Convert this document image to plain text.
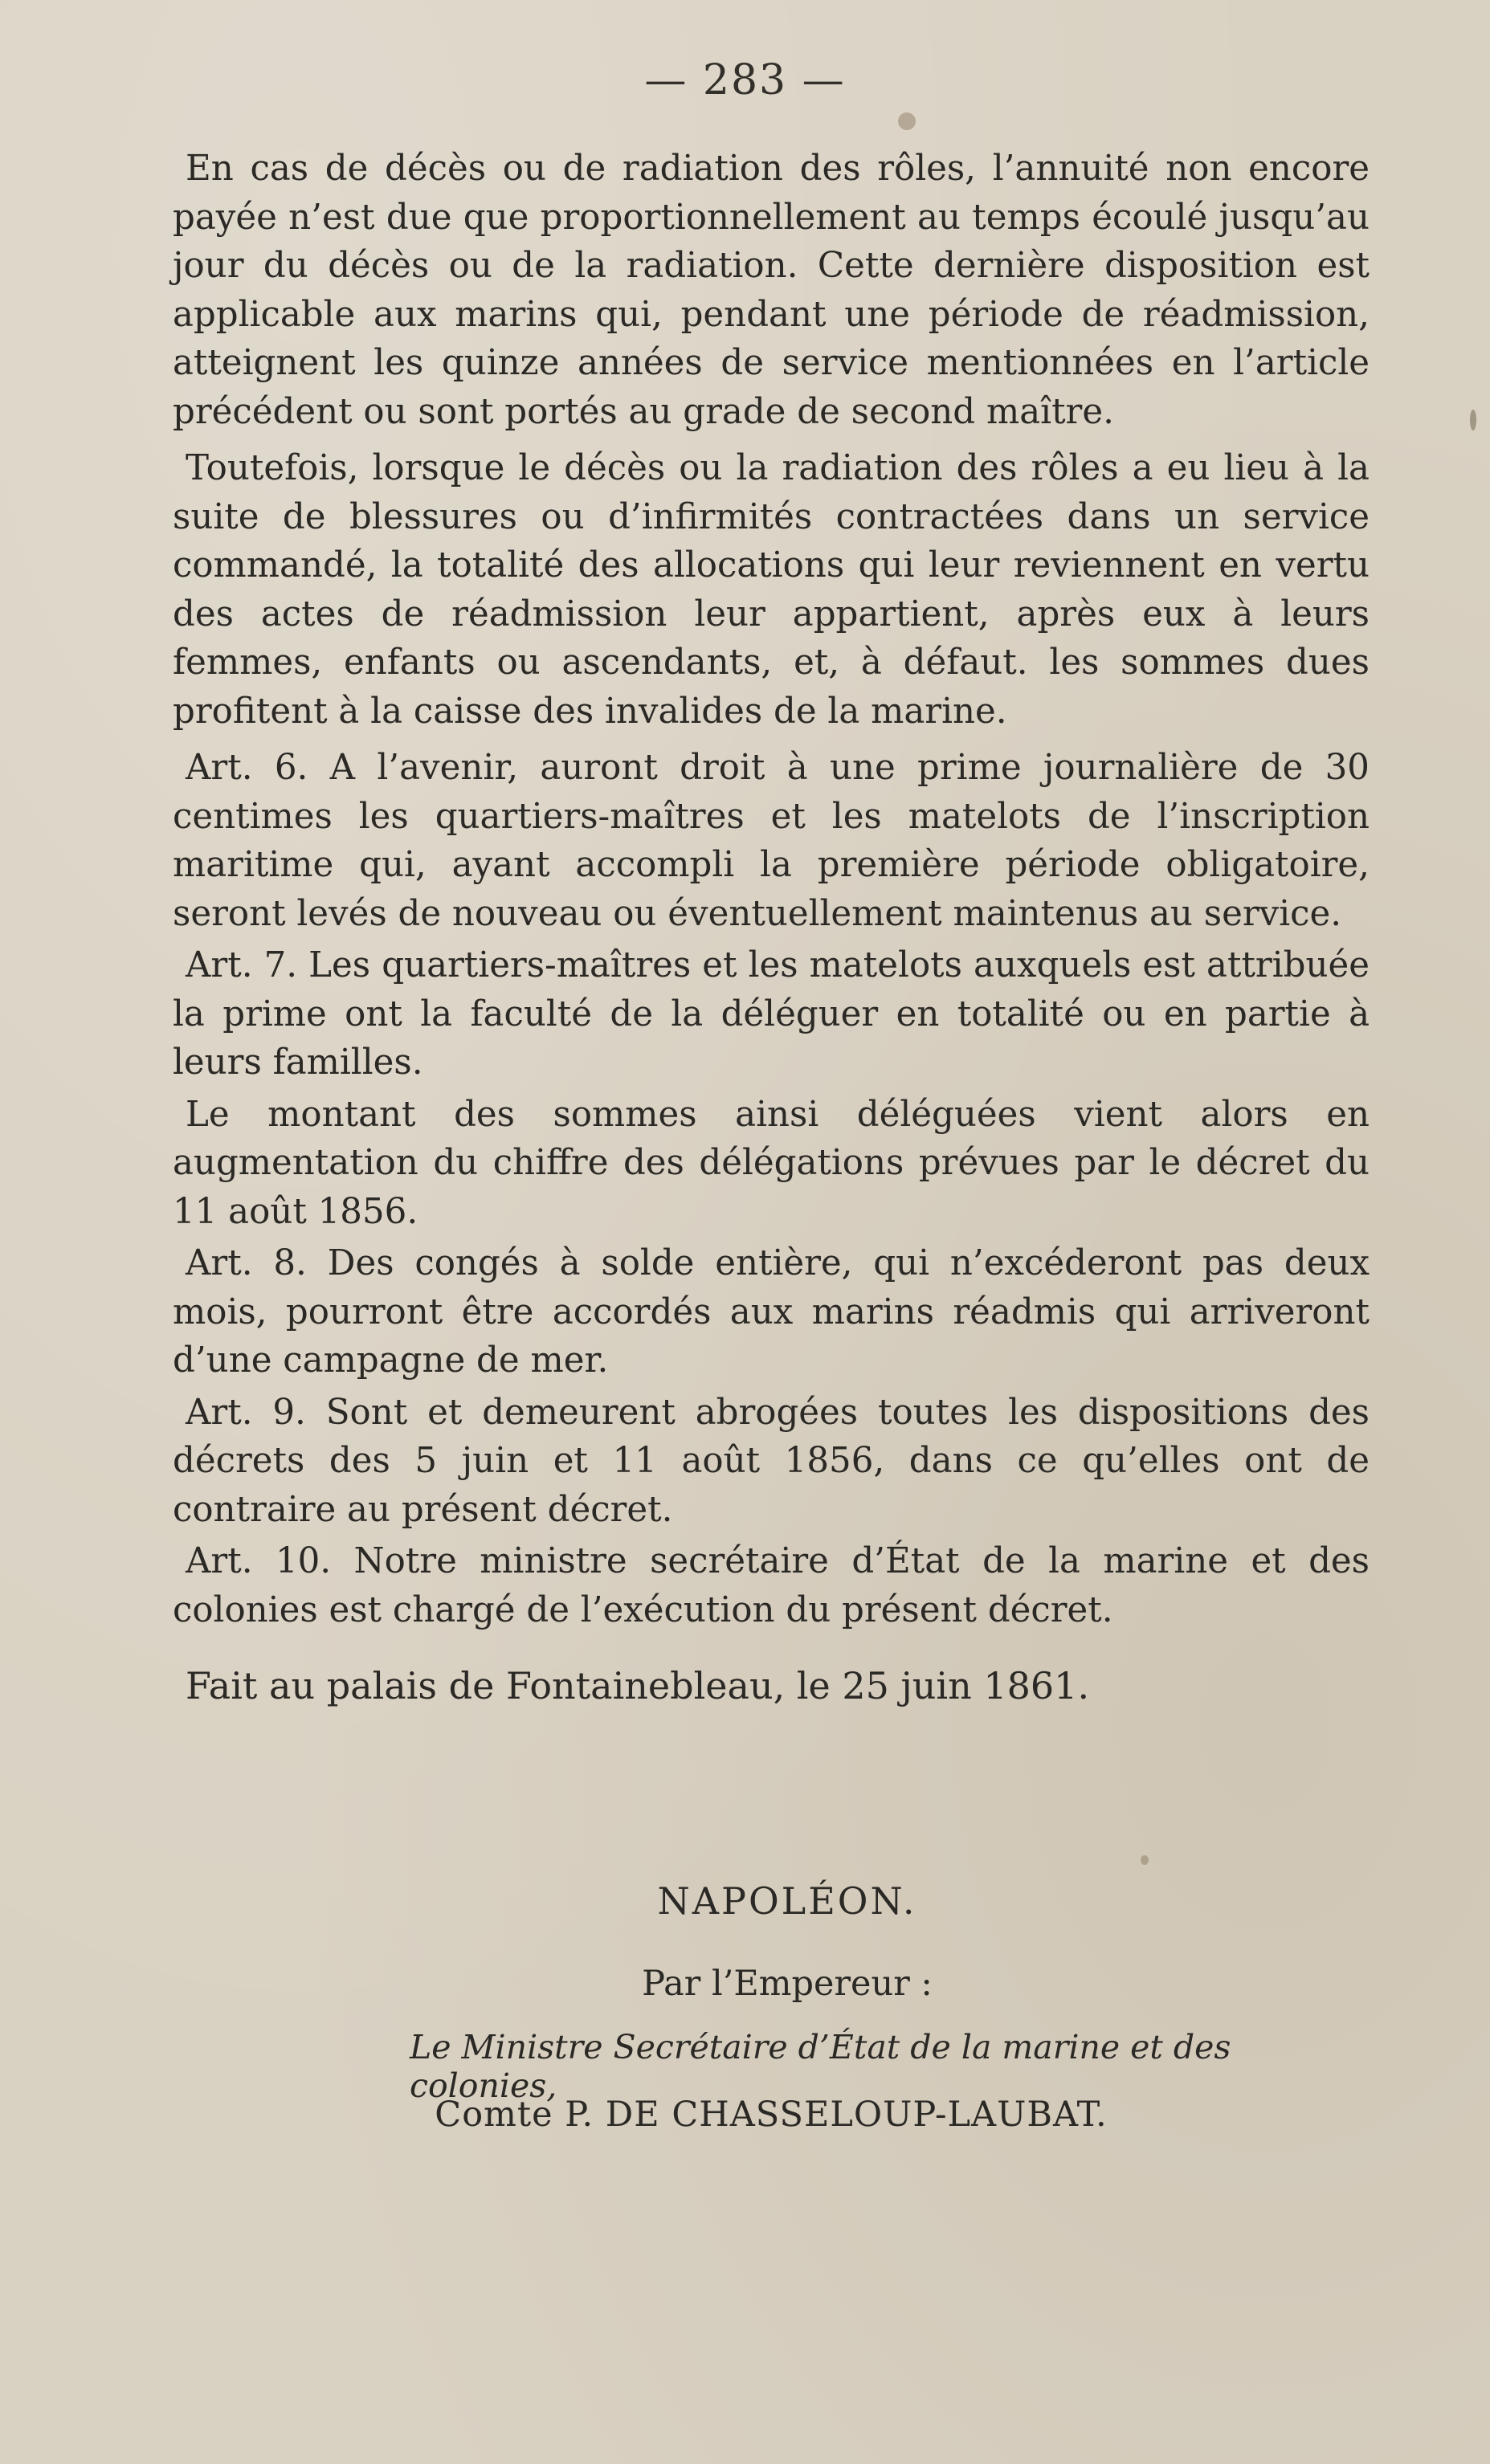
— 283 —

En cas de décès ou de radiation des rôles, l’annuité non encore payée n’est due que proportionnellement au temps écoulé jusqu’au jour du décès ou de la radiation. Cette dernière disposition est applicable aux marins qui, pendant une période de réadmission, atteignent les quinze années de service mentionnées en l’article précédent ou sont portés au grade de second maître.

Toutefois, lorsque le décès ou la radiation des rôles a eu lieu à la suite de blessures ou d’infirmités contractées dans un service commandé, la totalité des allocations qui leur reviennent en vertu des actes de réadmission leur appartient, après eux à leurs femmes, enfants ou ascendants, et, à défaut. les sommes dues profitent à la caisse des invalides de la marine.

Art. 6. A l’avenir, auront droit à une prime journalière de 30 centimes les quartiers-maîtres et les matelots de l’inscription maritime qui, ayant accompli la première période obligatoire, seront levés de nouveau ou éventuellement maintenus au service.

Art. 7. Les quartiers-maîtres et les matelots auxquels est attribuée la prime ont la faculté de la déléguer en totalité ou en partie à leurs familles.

Le montant des sommes ainsi déléguées vient alors en augmentation du chiffre des délégations prévues par le décret du 11 août 1856.

Art. 8. Des congés à solde entière, qui n’excéderont pas deux mois, pourront être accordés aux marins réadmis qui arriveront d’une campagne de mer.

Art. 9. Sont et demeurent abrogées toutes les dispositions des décrets des 5 juin et 11 août 1856, dans ce qu’elles ont de contraire au présent décret.

Art. 10. Notre ministre secrétaire d’État de la marine et des colonies est chargé de l’exécution du présent décret.

Fait au palais de Fontainebleau, le 25 juin 1861.

NAPOLÉON.
Par l’Empereur :
Le Ministre Secrétaire d’État de la marine et des colonies,
Comte P. DE CHASSELOUP-LAUBAT.
